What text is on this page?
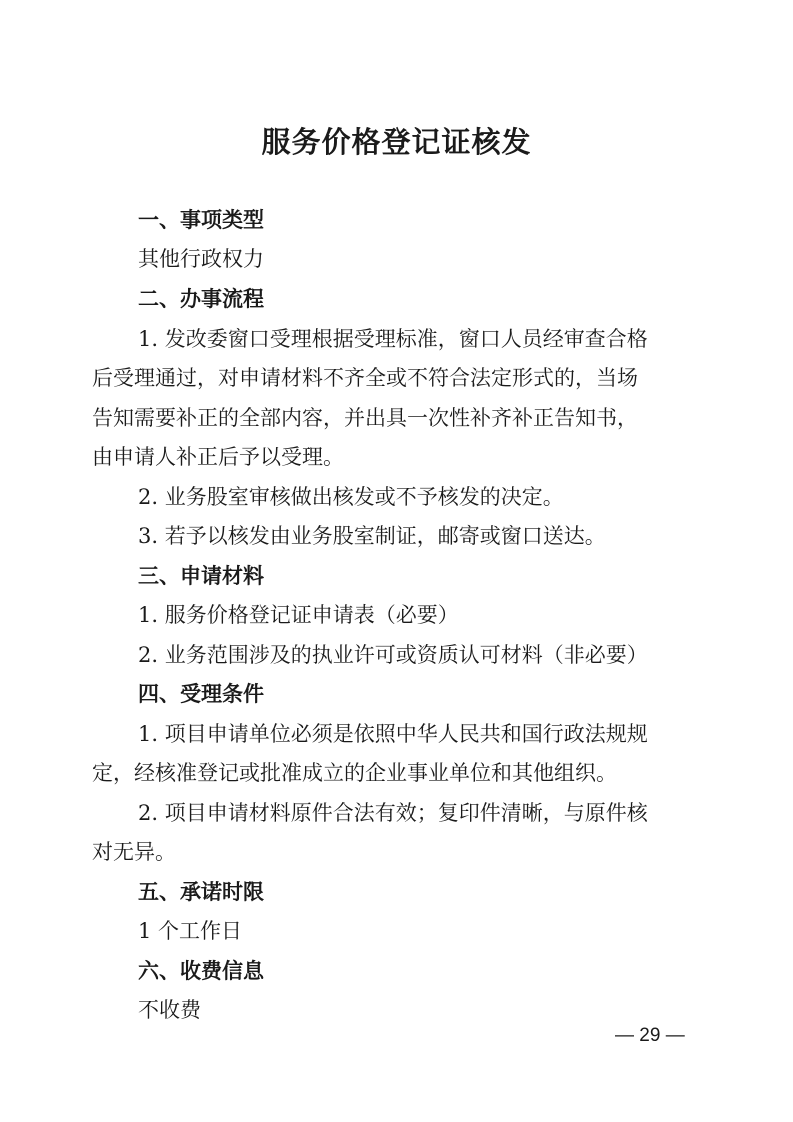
服务价格登记证核发
一、事项类型
其他行政权力
二、办事流程
1. 发改委窗口受理根据受理标准，窗口人员经审查合格
后受理通过，对申请材料不齐全或不符合法定形式的，当场
告知需要补正的全部内容，并出具一次性补齐补正告知书，
由申请人补正后予以受理。
2. 业务股室审核做出核发或不予核发的决定。
3. 若予以核发由业务股室制证，邮寄或窗口送达。
三、申请材料
1. 服务价格登记证申请表（必要）
2. 业务范围涉及的执业许可或资质认可材料（非必要）
四、受理条件
1. 项目申请单位必须是依照中华人民共和国行政法规规
定，经核准登记或批准成立的企业事业单位和其他组织。
2. 项目申请材料原件合法有效；复印件清晰，与原件核
对无异。
五、承诺时限
1 个工作日
六、收费信息
不收费
— 29 —
